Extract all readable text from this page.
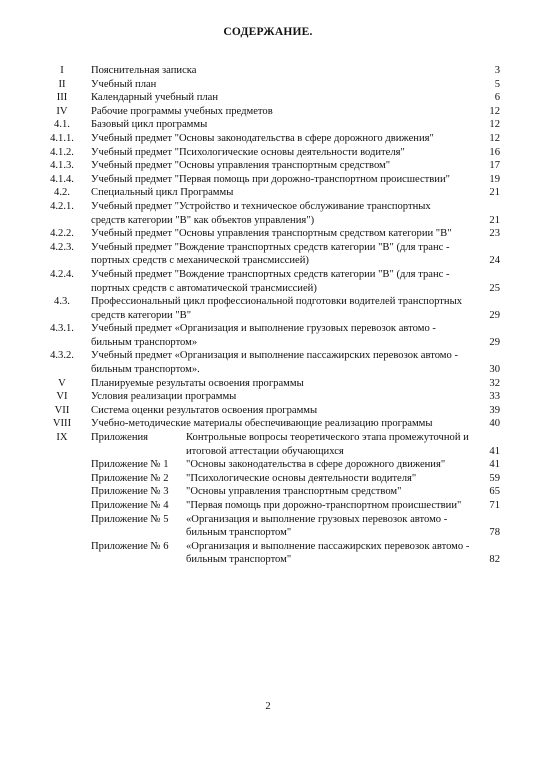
СОДЕРЖАНИЕ.
I	Пояснительная записка	3
II	Учебный план	5
III	Календарный учебный план	6
IV	Рабочие программы учебных предметов	12
4.1.	Базовый цикл программы	12
4.1.1.	Учебный предмет "Основы законодательства в сфере дорожного движения"	12
4.1.2.	Учебный предмет "Психологические основы деятельности водителя"	16
4.1.3.	Учебный предмет "Основы управления транспортным средством"	17
4.1.4.	Учебный предмет "Первая помощь при дорожно-транспортном происшествии"	19
4.2.	Специальный цикл Программы	21
4.2.1.	Учебный предмет "Устройство и техническое обслуживание транспортных
средств категории "В" как объектов управления")	21
4.2.2.	Учебный предмет "Основы управления транспортным средством категории "В"	23
4.2.3.	Учебный предмет "Вождение транспортных средств категории "В" (для транс -
портных средств с механической трансмиссией)	24
4.2.4.	Учебный предмет "Вождение транспортных средств категории "В" (для транс -
портных средств с автоматической трансмиссией)	25
4.3.	Профессиональный цикл профессиональной подготовки водителей транспортных
средств категории "В"	29
4.3.1.	Учебный предмет «Организация и выполнение грузовых перевозок автомо -
бильным транспортом»	29
4.3.2.	Учебный предмет «Организация и выполнение пассажирских перевозок автомо -
бильным транспортом».	30
V	Планируемые результаты освоения программы	32
VI	Условия реализации программы	33
VII	Система оценки результатов освоения программы	39
VIII	Учебно-методические материалы обеспечивающие реализацию программы	40
IX	Приложения	Контрольные вопросы теоретического этапа промежуточной и
итоговой аттестации обучающихся	41
Приложение № 1	"Основы законодательства в сфере дорожного движения"	41
Приложение № 2	"Психологические основы деятельности водителя"	59
Приложение № 3	"Основы управления транспортным средством"	65
Приложение № 4	"Первая помощь при дорожно-транспортном происшествии"	71
Приложение № 5	«Организация и выполнение грузовых перевозок автомо -
бильным транспортом"	78
Приложение № 6	«Организация и выполнение пассажирских перевозок автомо -
бильным транспортом"	82
2
